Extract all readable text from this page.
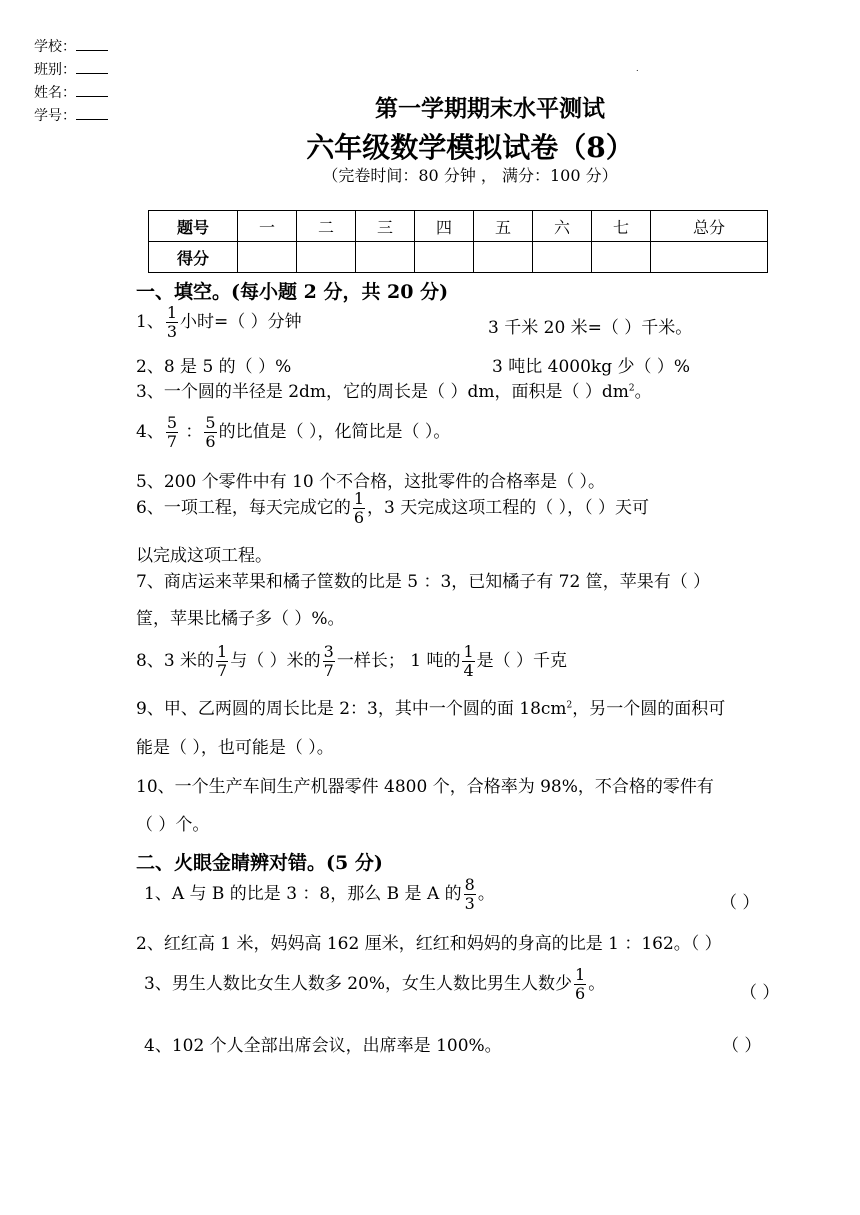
学校：
班别：
姓名：
学号：
.
第一学期期末水平测试
六年级数学模拟试卷（8）
（完卷时间：80 分钟 ， 满分：100 分）
题号	一	二	三	四	五	六	七	总分
得分								
一、填空。(每小题 2 分，共 20 分)
1、 $\frac{1}{3}$ 小时=（ ）分钟	3 千米 20 米=（ ）千米。
2、8 是 5 的（ ）%	3 吨比 4000kg 少（ ）%
3、一个圆的半径是 2dm，它的周长是（ ）dm，面积是（ ）$dm^2$。
4、 $\frac{5}{7}$ ： $\frac{5}{6}$ 的比值是（ ），化简比是（ ）。
5、200 个零件中有 10 个不合格，这批零件的合格率是（ ）。
6、一项工程，每天完成它的 $\frac{1}{6}$ ，3 天完成这项工程的（ ），（ ）天可
以完成这项工程。
7、商店运来苹果和橘子筐数的比是 5 ：3，已知橘子有 72 筐，苹果有（ ）
筐，苹果比橘子多（ ）%。
8、3 米的 $\frac{1}{7}$ 与（ ）米的 $\frac{3}{7}$ 一样长； 1 吨的 $\frac{1}{4}$ 是（ ）千克
9、甲、乙两圆的周长比是 2：3，其中一个圆的面 $18cm^2$，另一个圆的面积可
能是（ ），也可能是（ ）。
10、一个生产车间生产机器零件 4800 个，合格率为 98%，不合格的零件有
（ ）个。
二、火眼金睛辨对错。(5 分)
1、A 与 B 的比是 3 ：8，那么 B 是 A 的 $\frac{8}{3}$ 。	（ ）
2、红红高 1 米，妈妈高 162 厘米，红红和妈妈的身高的比是 1 ：162。（ ）
3、男生人数比女生人数多 20%，女生人数比男生人数少 $\frac{1}{6}$ 。	（ ）
4、102 个人全部出席会议，出席率是 100%。	（ ）
